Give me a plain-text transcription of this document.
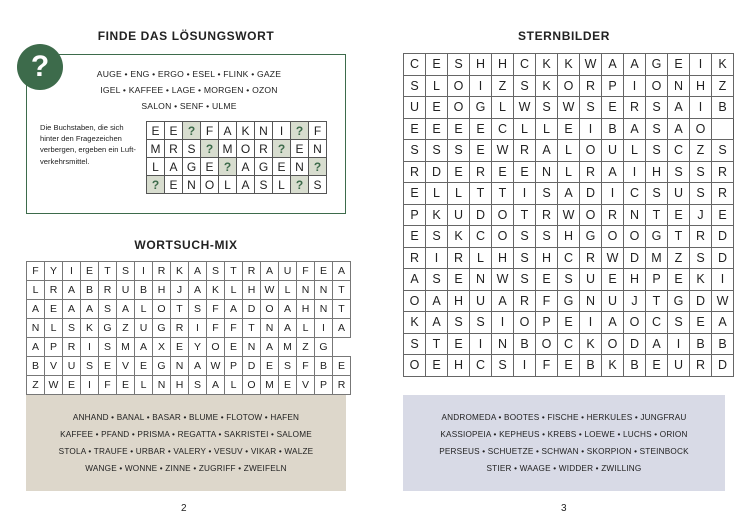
FINDE DAS LÖSUNGSWORT
?	AUGE • ENG • ERGO • ESEL • FLINK • GAZE
IGEL • KAFFEE • LAGE • MORGEN • OZON
SALON • SENF • ULME
Die Buchstaben, die sich hinter den Fragezeichen verbergen, ergeben ein Luftverkehrsmittel.
E	E	?	F	A	K	N	I	?	F
M	R	S	?	M	O	R	?	E	N
L	A	G	E	?	A	G	E	N	?
?	E	N	O	L	A	S	L	?	S
WORTSUCH-MIX
F	Y	I	E	T	S	I	R	K	A	S	T	R	A	U	F	E	A
L	R	A	B	R	U	B	H	J	A	K	L	H	W	L	N	N	T
A	E	A	A	S	A	L	O	T	S	F	A	D	O	A	H	N	T
N	L	S	K	G	Z	U	G	R	I	F	F	T	N	A	L	I	A
A	P	R	I	S	M	A	X	E	Y	O	E	N	A	M	Z	G	
B	V	U	S	E	V	E	G	N	A	W	P	D	E	S	F	B	E
Z	W	E	I	F	E	L	N	H	S	A	L	O	M	E	V	P	R
ANHAND • BANAL • BASAR • BLUME • FLOTOW • HAFEN
KAFFEE • PFAND • PRISMA • REGATTA • SAKRISTEI • SALOME
STOLA • TRAUFE • URBAR • VALERY • VESUV • VIKAR • WALZE
WANGE • WONNE • ZINNE • ZUGRIFF • ZWEIFELN
2
STERNBILDER
C	E	S	H	H	C	K	K	W	A	A	G	E	I	K
S	L	O	I	Z	S	K	O	R	P	I	O	N	H	Z
U	E	O	G	L	W	S	W	S	E	R	S	A	I	B
E	E	E	E	C	L	L	E	I	B	A	S	A	O	
S	S	S	E	W	R	A	L	O	U	L	S	C	Z	S
R	D	E	R	E	E	N	L	R	A	I	H	S	S	R
E	L	L	T	T	I	S	A	D	I	C	S	U	S	R
P	K	U	D	O	T	R	W	O	R	N	T	E	J	E
E	S	K	C	O	S	S	H	G	O	O	G	T	R	D
R	I	R	L	H	S	H	C	R	W	D	M	Z	S	D
A	S	E	N	W	S	E	S	U	E	H	P	E	K	I
O	A	H	U	A	R	F	G	N	U	J	T	G	D	W
K	A	S	S	I	O	P	E	I	A	O	C	S	E	A
S	T	E	I	N	B	O	C	K	O	D	A	I	B	B
O	E	H	C	S	I	F	E	B	K	B	E	U	R	D
ANDROMEDA • BOOTES • FISCHE • HERKULES • JUNGFRAU
KASSIOPEIA • KEPHEUS • KREBS • LOEWE • LUCHS • ORION
PERSEUS • SCHUETZE • SCHWAN • SKORPION • STEINBOCK
STIER • WAAGE • WIDDER • ZWILLING
3
